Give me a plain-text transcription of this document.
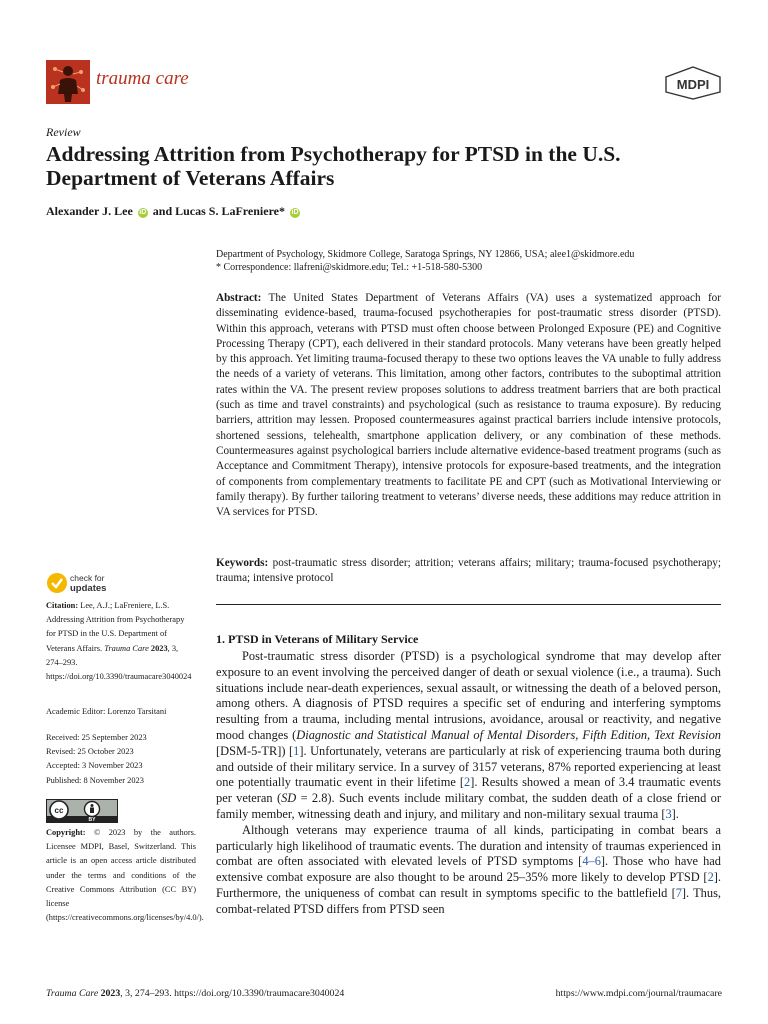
trauma care	MDPI
Review
Addressing Attrition from Psychotherapy for PTSD in the U.S. Department of Veterans Affairs
Alexander J. Lee iD and Lucas S. LaFreniere* iD
Department of Psychology, Skidmore College, Saratoga Springs, NY 12866, USA; alee1@skidmore.edu
* Correspondence: llafreni@skidmore.edu; Tel.: +1-518-580-5300
Abstract: The United States Department of Veterans Affairs (VA) uses a systematized approach for disseminating evidence-based, trauma-focused psychotherapies for post-traumatic stress disorder (PTSD). Within this approach, veterans with PTSD must often choose between Prolonged Exposure (PE) and Cognitive Processing Therapy (CPT), each delivered in their standard protocols. Many veterans have been greatly helped by this approach. Yet limiting trauma-focused therapy to these two options leaves the VA unable to fully address the needs of a variety of veterans. This limitation, among other factors, contributes to the suboptimal attrition rates within the VA. The present review proposes solutions to address treatment barriers that are both practical (such as time and travel constraints) and psychological (such as resistance to trauma exposure). By reducing barriers, attrition may lessen. Proposed countermeasures against practical barriers include intensive protocols, shortened sessions, telehealth, smartphone application delivery, or any combination of these methods. Countermeasures against psychological barriers include alternative evidence-based treatment programs (such as Acceptance and Commitment Therapy), intensive protocols for exposure-based treatments, and the integration of components from complementary treatments to facilitate PE and CPT (such as Motivational Interviewing or family therapy). By further tailoring treatment to veterans’ diverse needs, these additions may reduce attrition in VA services for PTSD.
Keywords: post-traumatic stress disorder; attrition; veterans affairs; military; trauma-focused psychotherapy; trauma; intensive protocol
check for
updates
Citation: Lee, A.J.; LaFreniere, L.S. Addressing Attrition from Psychotherapy for PTSD in the U.S. Department of Veterans Affairs. Trauma Care 2023, 3, 274–293. https://doi.org/10.3390/traumacare3040024
Academic Editor: Lorenzo Tarsitani
Received: 25 September 2023
Revised: 25 October 2023
Accepted: 3 November 2023
Published: 8 November 2023
cc
BY
Copyright: © 2023 by the authors. Licensee MDPI, Basel, Switzerland. This article is an open access article distributed under the terms and conditions of the Creative Commons Attribution (CC BY) license (https://creativecommons.org/licenses/by/4.0/).
1. PTSD in Veterans of Military Service

Post-traumatic stress disorder (PTSD) is a psychological syndrome that may develop after exposure to an event involving the perceived danger of death or sexual violence (i.e., a trauma). Such situations include near-death experiences, sexual assault, or witnessing the death of a beloved person, among others. A diagnosis of PTSD requires a specific set of enduring and interfering symptoms resulting from a trauma, including mental intrusions, avoidance, arousal or reactivity, and negative mood changes (Diagnostic and Statistical Manual of Mental Disorders, Fifth Edition, Text Revision [DSM-5-TR]) [1]. Unfortunately, veterans are particularly at risk of experiencing trauma both during and outside of their military service. In a survey of 3157 veterans, 87% reported experiencing at least one potentially traumatic event in their lifetime [2]. Results showed a mean of 3.4 traumatic events per veteran (SD = 2.8). Such events include military combat, the sudden death of a close friend or family member, witnessing death and injury, and military and non-military sexual trauma [3].

Although veterans may experience trauma of all kinds, participating in combat bears a particularly high likelihood of traumatic events. The duration and intensity of traumas experienced in combat are often associated with elevated levels of PTSD symptoms [4–6]. Those who have had extensive combat exposure are also thought to be around 25–35% more likely to develop PTSD [2]. Furthermore, the uniqueness of combat can result in symptoms specific to the battlefield [7]. Thus, combat-related PTSD differs from PTSD seen

Trauma Care 2023, 3, 274–293. https://doi.org/10.3390/traumacare3040024	https://www.mdpi.com/journal/traumacare
